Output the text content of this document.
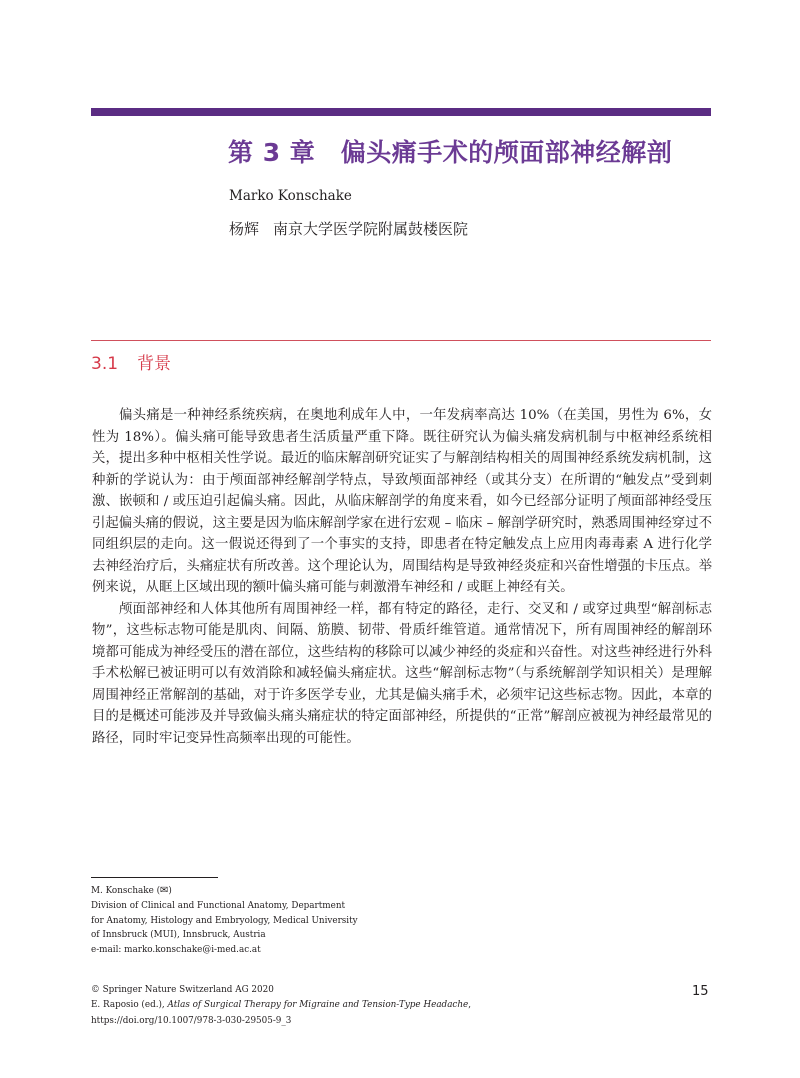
第 3 章　偏头痛手术的颅面部神经解剖
Marko Konschake
杨辉 南京大学医学院附属鼓楼医院
3.1 背景

偏头痛是一种神经系统疾病，在奥地利成年人中，一年发病率高达 10%（在美国，男性为 6%，女性为 18%）。偏头痛可能导致患者生活质量严重下降。既往研究认为偏头痛发病机制与中枢神经系统相关，提出多种中枢相关性学说。最近的临床解剖研究证实了与解剖结构相关的周围神经系统发病机制，这种新的学说认为：由于颅面部神经解剖学特点，导致颅面部神经（或其分支）在所谓的“触发点”受到刺激、嵌顿和 / 或压迫引起偏头痛。因此，从临床解剖学的角度来看，如今已经部分证明了颅面部神经受压引起偏头痛的假说，这主要是因为临床解剖学家在进行宏观 – 临床 – 解剖学研究时，熟悉周围神经穿过不同组织层的走向。这一假说还得到了一个事实的支持，即患者在特定触发点上应用肉毒毒素 A 进行化学去神经治疗后，头痛症状有所改善。这个理论认为，周围结构是导致神经炎症和兴奋性增强的卡压点。举例来说，从眶上区域出现的额叶偏头痛可能与刺激滑车神经和 / 或眶上神经有关。

颅面部神经和人体其他所有周围神经一样，都有特定的路径，走行、交叉和 / 或穿过典型“解剖标志物”，这些标志物可能是肌肉、间隔、筋膜、韧带、骨质纤维管道。通常情况下，所有周围神经的解剖环境都可能成为神经受压的潜在部位，这些结构的移除可以减少神经的炎症和兴奋性。对这些神经进行外科手术松解已被证明可以有效消除和减轻偏头痛症状。这些“解剖标志物”（与系统解剖学知识相关）是理解周围神经正常解剖的基础，对于许多医学专业，尤其是偏头痛手术，必须牢记这些标志物。因此，本章的目的是概述可能涉及并导致偏头痛头痛症状的特定面部神经，所提供的“正常”解剖应被视为神经最常见的路径，同时牢记变异性高频率出现的可能性。

M. Konschake (✉)
Division of Clinical and Functional Anatomy, Department
for Anatomy, Histology and Embryology, Medical University
of Innsbruck (MUI), Innsbruck, Austria
e-mail: marko.konschake@i-med.ac.at
© Springer Nature Switzerland AG 2020
E. Raposio (ed.), Atlas of Surgical Therapy for Migraine and Tension-Type Headache,
https://doi.org/10.1007/978-3-030-29505-9_3
15
